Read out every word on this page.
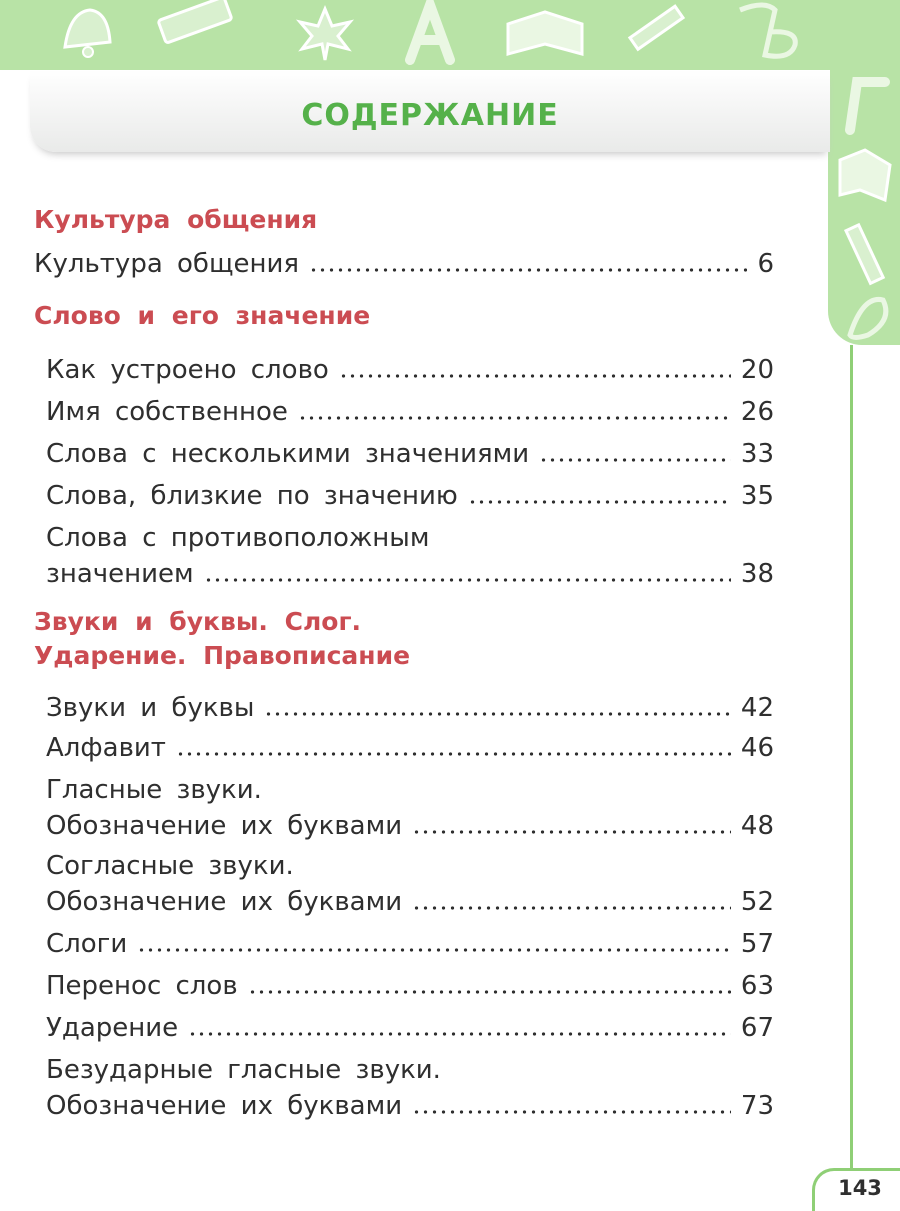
СОДЕРЖАНИЕ
Культура общения
Культура общения	6
Слово и его значение
Как устроено слово	20
Имя собственное	26
Слова с несколькими значениями	33
Слова, близкие по значению	35
Слова с противоположным
значением	38
Звуки и буквы. Слог.
Ударение. Правописание
Звуки и буквы	42
Алфавит	46
Гласные звуки.
Обозначение их буквами	48
Согласные звуки.
Обозначение их буквами	52
Слоги	57
Перенос слов	63
Ударение	67
Безударные гласные звуки.
Обозначение их буквами	73
143
